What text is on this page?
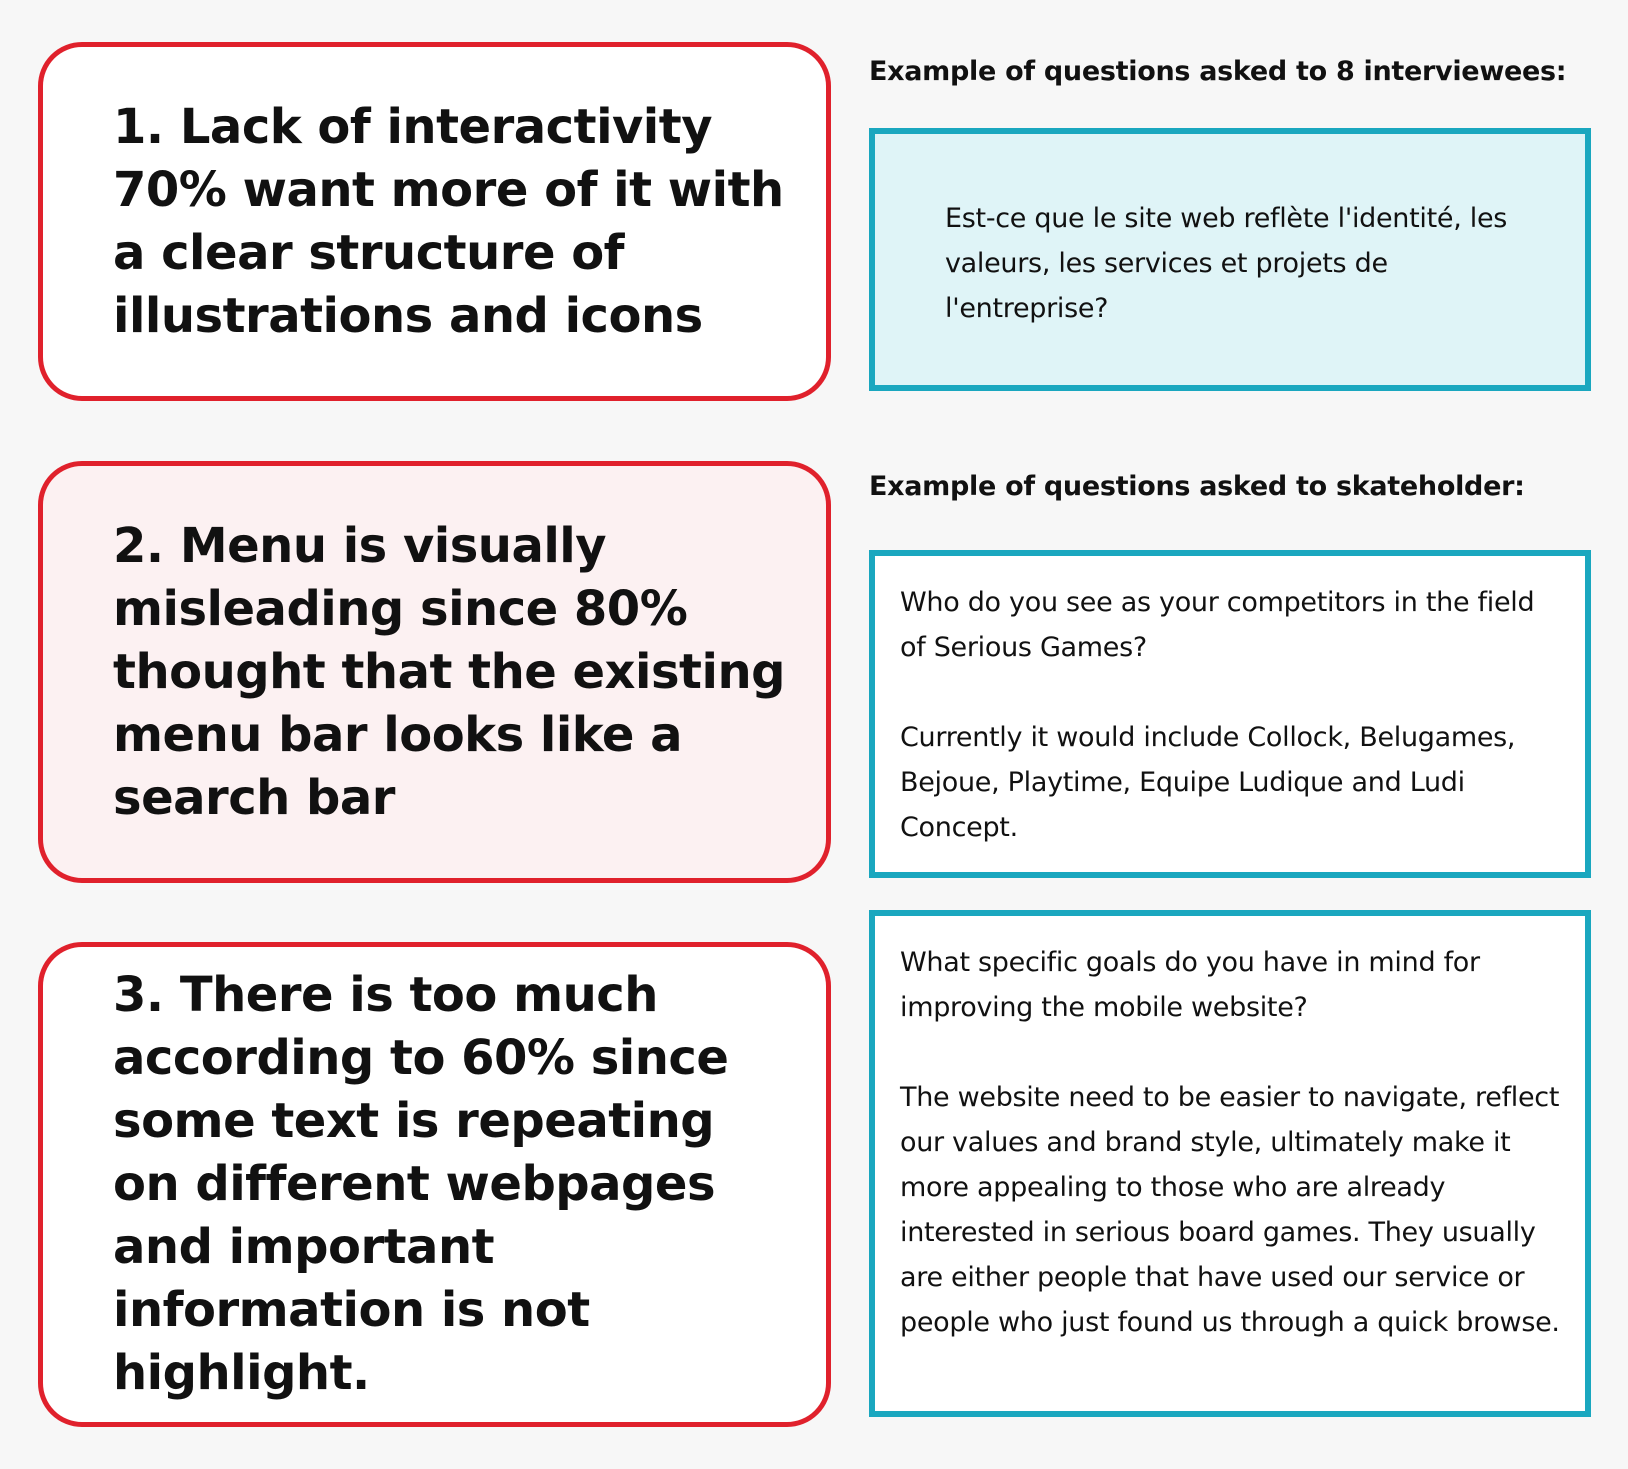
1. Lack of interactivity 70% want more of it with a clear structure of illustrations and icons
2. Menu is visually misleading since 80% thought that the existing menu bar looks like a search bar
3. There is too much according to 60% since some text is repeating on different webpages and important information is not highlight.
Example of questions asked to 8 interviewees:

Est-ce que le site web reflète l'identité, les valeurs, les services et projets de l'entreprise?

Example of questions asked to skateholder:

Who do you see as your competitors in the field of Serious Games?

Currently it would include Collock, Belugames, Bejoue, Playtime, Equipe Ludique and Ludi Concept.

What specific goals do you have in mind for improving the mobile website?

The website need to be easier to navigate, reflect our values and brand style, ultimately make it more appealing to those who are already interested in serious board games. They usually are either people that have used our service or people who just found us through a quick browse.
